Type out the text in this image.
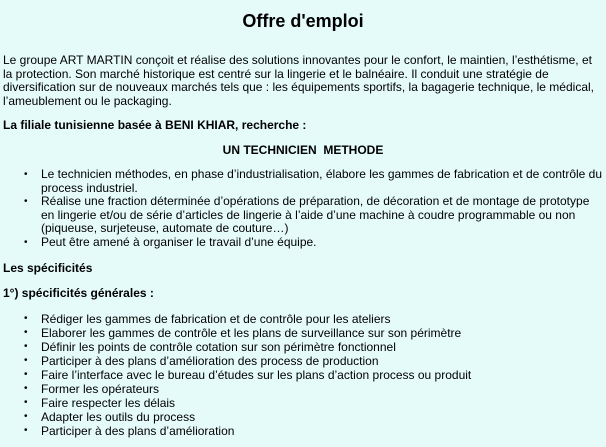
Offre d'emploi

Le groupe ART MARTIN conçoit et réalise des solutions innovantes pour le confort, le maintien, l’esthétisme, et la protection. Son marché historique est centré sur la lingerie et le balnéaire. Il conduit une stratégie de diversification sur de nouveaux marchés tels que : les équipements sportifs, la bagagerie technique, le médical, l’ameublement ou le packaging.

La filiale tunisienne basée à BENI KHIAR, recherche :

UN TECHNICIEN  METHODE

• Le technicien méthodes, en phase d’industrialisation, élabore les gammes de fabrication et de contrôle du process industriel.
• Réalise une fraction déterminée d’opérations de préparation, de décoration et de montage de prototype en lingerie et/ou de série d’articles de lingerie à l’aide d’une machine à coudre programmable ou non (piqueuse, surjeteuse, automate de couture…)
• Peut être amené à organiser le travail d’une équipe.

Les spécificités

1°) spécificités générales :

• Rédiger les gammes de fabrication et de contrôle pour les ateliers
• Elaborer les gammes de contrôle et les plans de surveillance sur son périmètre
• Définir les points de contrôle cotation sur son périmètre fonctionnel
• Participer à des plans d’amélioration des process de production
• Faire l’interface avec le bureau d’études sur les plans d’action process ou produit
• Former les opérateurs
• Faire respecter les délais
• Adapter les outils du process
• Participer à des plans d’amélioration
